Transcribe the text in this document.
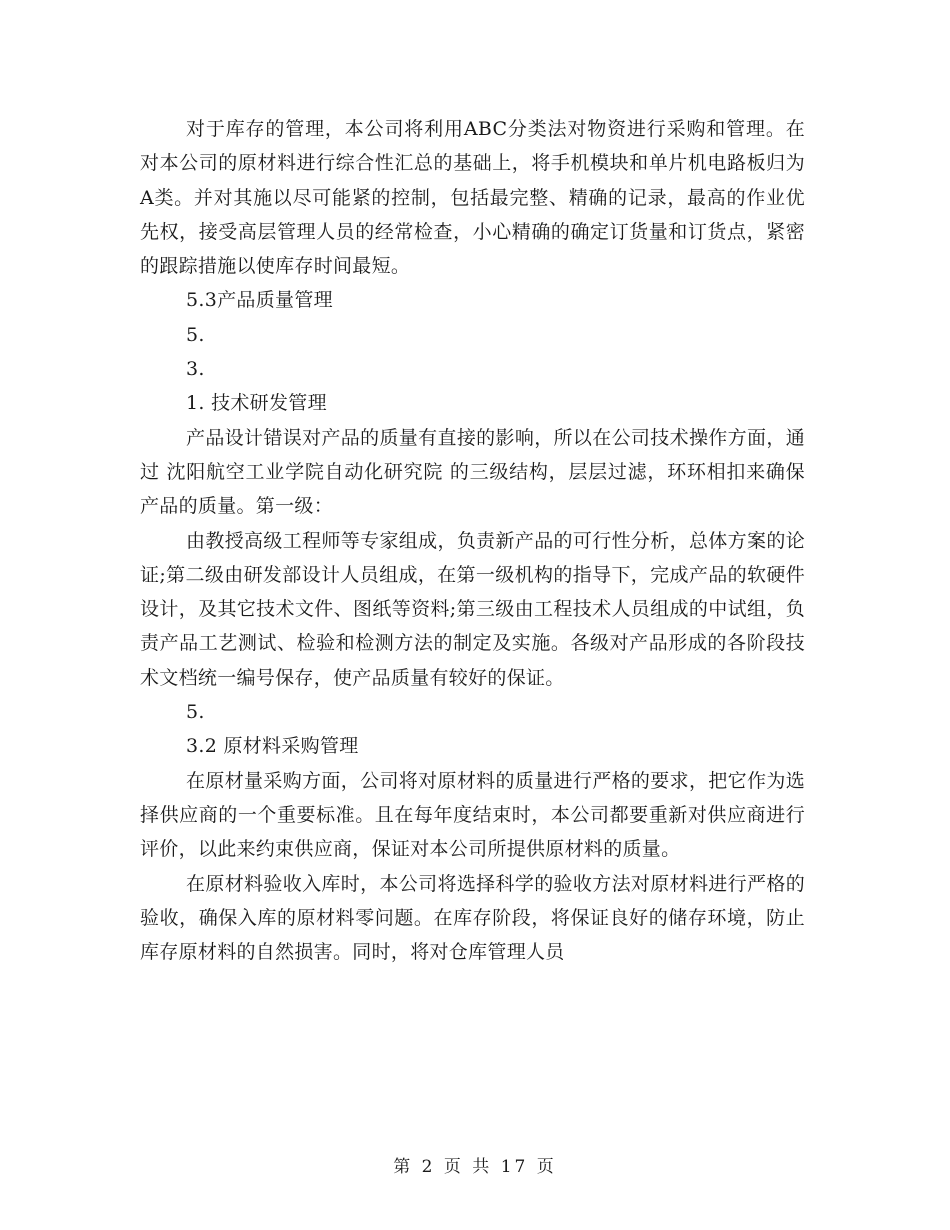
对于库存的管理，本公司将利用ABC分类法对物资进行采购和管理。在对本公司的原材料进行综合性汇总的基础上，将手机模块和单片机电路板归为A类。并对其施以尽可能紧的控制，包括最完整、精确的记录，最高的作业优先权，接受高层管理人员的经常检查，小心精确的确定订货量和订货点，紧密的跟踪措施以使库存时间最短。

5.3产品质量管理

5.

3.

1. 技术研发管理

产品设计错误对产品的质量有直接的影响，所以在公司技术操作方面，通过 沈阳航空工业学院自动化研究院 的三级结构，层层过滤，环环相扣来确保产品的质量。第一级：

由教授高级工程师等专家组成，负责新产品的可行性分析，总体方案的论证;第二级由研发部设计人员组成，在第一级机构的指导下，完成产品的软硬件设计，及其它技术文件、图纸等资料;第三级由工程技术人员组成的中试组，负责产品工艺测试、检验和检测方法的制定及实施。各级对产品形成的各阶段技术文档统一编号保存，使产品质量有较好的保证。

5.

3.2 原材料采购管理

在原材量采购方面，公司将对原材料的质量进行严格的要求，把它作为选择供应商的一个重要标准。且在每年度结束时，本公司都要重新对供应商进行评价，以此来约束供应商，保证对本公司所提供原材料的质量。

在原材料验收入库时，本公司将选择科学的验收方法对原材料进行严格的验收，确保入库的原材料零问题。在库存阶段，将保证良好的储存环境，防止库存原材料的自然损害。同时，将对仓库管理人员

第 2 页 共 17 页
